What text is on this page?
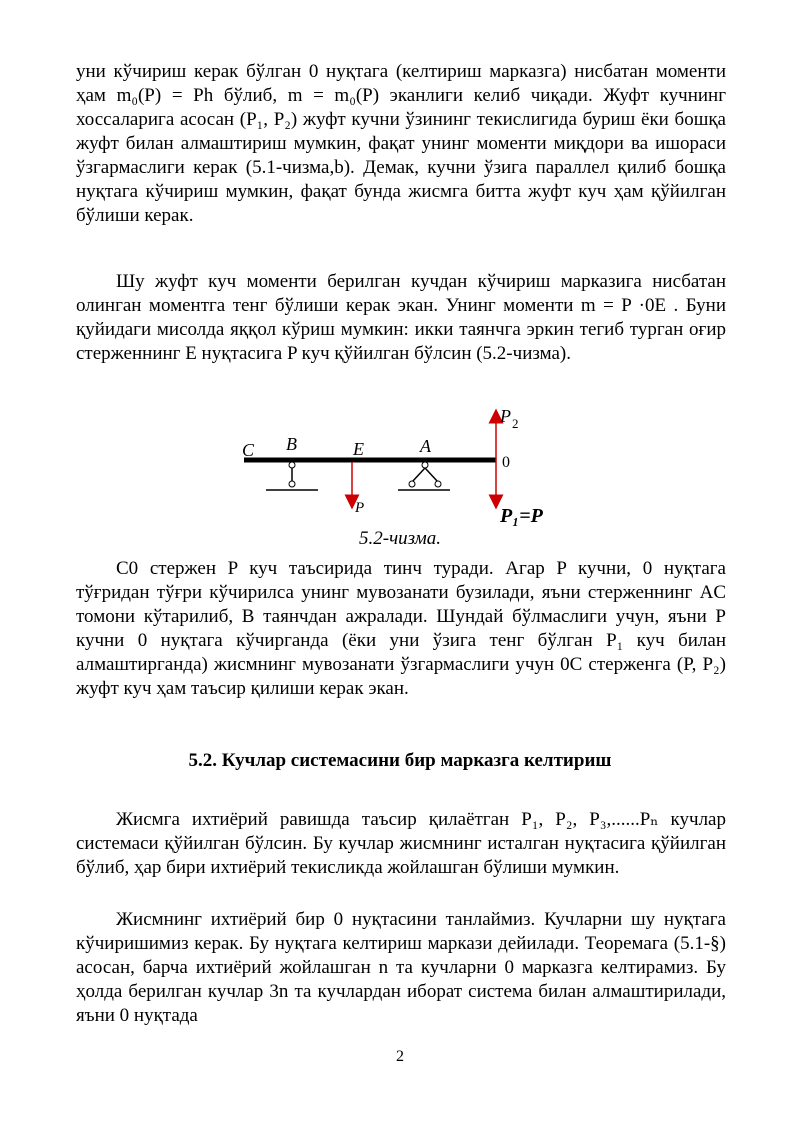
уни кўчириш керак бўлган 0 нуқтага (келтириш марказга) нисбатан моменти ҳам m₀(P) = Ph бўлиб, m = m₀(P) эканлиги келиб чиқади. Жуфт кучнинг хоссаларига асосан (P₁, P₂) жуфт кучни ўзининг текислигида буриш ёки бошқа жуфт билан алмаштириш мумкин, фақат унинг моменти миқдори ва ишораси ўзгармаслиги керак (5.1-чизма,b). Демак, кучни ўзига параллел қилиб бошқа нуқтага кўчириш мумкин, фақат бунда жисмга битта жуфт куч ҳам қўйилган бўлиши керак.

Шу жуфт куч моменти берилган кучдан кўчириш марказига нисбатан олинган моментга тенг бўлиши керак экан. Унинг моменти m = P ·0E . Буни қуйидаги мисолда яққол кўриш мумкин: икки таянчга эркин тегиб турган оғир стерженнинг E нуқтасига P куч қўйилган бўлсин (5.2-чизма).

C B	E	A
0
P
P 2
P₁=P
5.2-чизма.

C0 стержен P куч таъсирида тинч туради. Агар P кучни, 0 нуқтага тўғридан тўғри кўчирилса унинг мувозанати бузилади, яъни стерженнинг AC томони кўтарилиб, B таянчдан ажралади. Шундай бўлмаслиги учун, яъни P кучни 0 нуқтага кўчирганда (ёки уни ўзига тенг бўлган P₁ куч билан алмаштирганда) жисмнинг мувозанати ўзгармаслиги учун 0C стерженга (P, P₂) жуфт куч ҳам таъсир қилиши керак экан.

5.2. Кучлар системасини бир марказга келтириш

Жисмга ихтиёрий равишда таъсир қилаётган P₁, P₂, P₃,......Pₙ кучлар системаси қўйилган бўлсин. Бу кучлар жисмнинг исталган нуқтасига қўйилган бўлиб, ҳар бири ихтиёрий текисликда жойлашган бўлиши мумкин.

Жисмнинг ихтиёрий бир 0 нуқтасини танлаймиз. Кучларни шу нуқтага кўчиришимиз керак. Бу нуқтага келтириш маркази дейилади. Теоремага (5.1-§) асосан, барча ихтиёрий жойлашган n та кучларни 0 марказга келтирамиз. Бу ҳолда берилган кучлар 3n та кучлардан иборат система билан алмаштирилади, яъни 0 нуқтада

2
